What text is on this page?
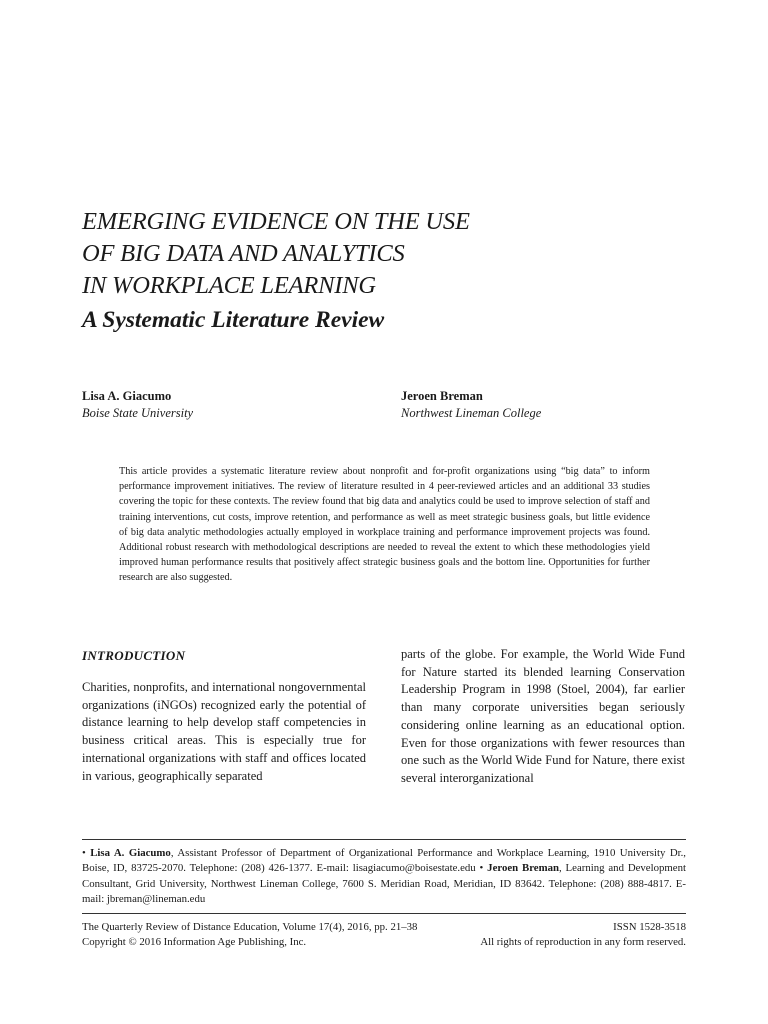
EMERGING EVIDENCE ON THE USE
OF BIG DATA AND ANALYTICS
IN WORKPLACE LEARNING
A Systematic Literature Review
Lisa A. Giacumo
Boise State University
Jeroen Breman
Northwest Lineman College
This article provides a systematic literature review about nonprofit and for-profit organizations using “big data” to inform performance improvement initiatives. The review of literature resulted in 4 peer-reviewed articles and an additional 33 studies covering the topic for these contexts. The review found that big data and analytics could be used to improve selection of staff and training interventions, cut costs, improve retention, and performance as well as meet strategic business goals, but little evidence of big data analytic methodologies actually employed in workplace training and performance improvement projects was found. Additional robust research with methodological descriptions are needed to reveal the extent to which these methodologies yield improved human performance results that positively affect strategic business goals and the bottom line. Opportunities for further research are also suggested.
INTRODUCTION
Charities, nonprofits, and international nongovernmental organizations (iNGOs) recognized early the potential of distance learning to help develop staff competencies in business critical areas. This is especially true for international organizations with staff and offices located in various, geographically separated
parts of the globe. For example, the World Wide Fund for Nature started its blended learning Conservation Leadership Program in 1998 (Stoel, 2004), far earlier than many corporate universities began seriously considering online learning as an educational option. Even for those organizations with fewer resources than one such as the World Wide Fund for Nature, there exist several interorganizational
• Lisa A. Giacumo, Assistant Professor of Department of Organizational Performance and Workplace Learning, 1910 University Dr., Boise, ID, 83725-2070. Telephone: (208) 426-1377. E-mail: lisagiacumo@boisestate.edu • Jeroen Breman, Learning and Development Consultant, Grid University, Northwest Lineman College, 7600 S. Meridian Road, Meridian, ID 83642. Telephone: (208) 888-4817. E-mail: jbreman@lineman.edu
The Quarterly Review of Distance Education, Volume 17(4), 2016, pp. 21–38	ISSN 1528-3518
Copyright © 2016 Information Age Publishing, Inc.	All rights of reproduction in any form reserved.
